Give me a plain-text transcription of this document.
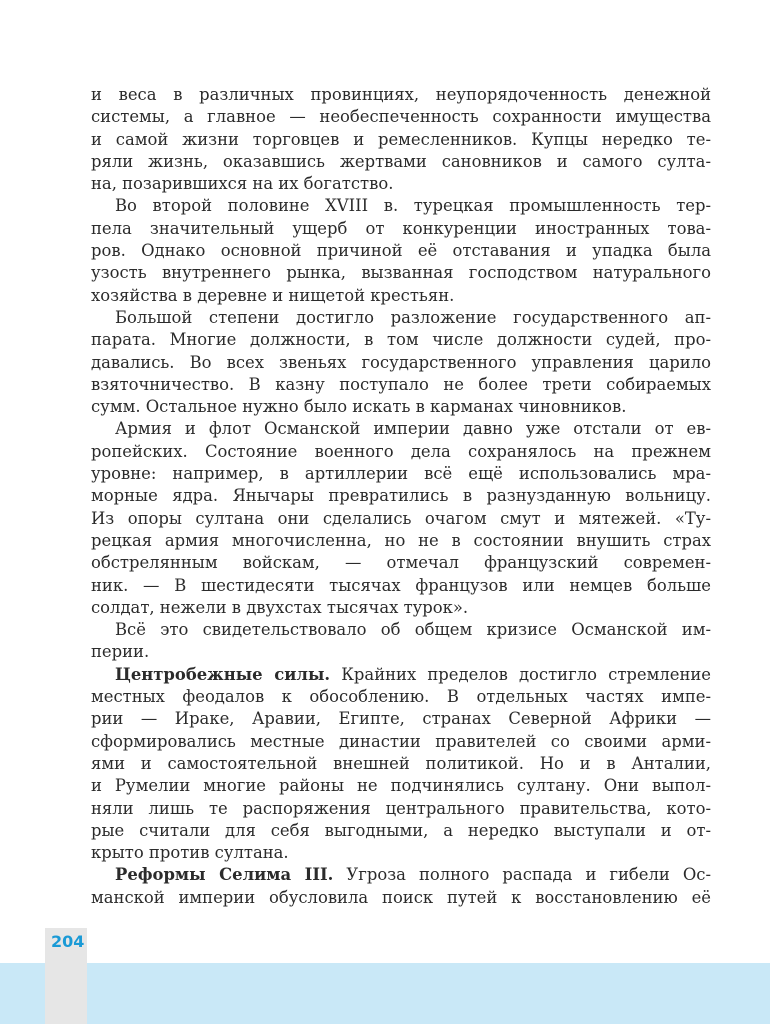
204
и веса в различных провинциях, неупорядоченность денежной
системы, а главное — необеспеченность сохранности имущества
и самой жизни торговцев и ремесленников. Купцы нередко те-
ряли жизнь, оказавшись жертвами сановников и самого султа-
на, позарившихся на их богатство.
Во второй половине XVIII в. турецкая промышленность тер-
пела значительный ущерб от конкуренции иностранных това-
ров. Однако основной причиной её отставания и упадка была
узость внутреннего рынка, вызванная господством натурального
хозяйства в деревне и нищетой крестьян.
Большой степени достигло разложение государственного ап-
парата. Многие должности, в том числе должности судей, про-
давались. Во всех звеньях государственного управления царило
взяточничество. В казну поступало не более трети собираемых
сумм. Остальное нужно было искать в карманах чиновников.
Армия и флот Османской империи давно уже отстали от ев-
ропейских. Состояние военного дела сохранялось на прежнем
уровне: например, в артиллерии всё ещё использовались мра-
морные ядра. Янычары превратились в разнузданную вольницу.
Из опоры султана они сделались очагом смут и мятежей. «Ту-
рецкая армия многочисленна, но не в состоянии внушить страх
обстрелянным войскам, — отмечал французский современ-
ник. — В шестидесяти тысячах французов или немцев больше
солдат, нежели в двухстах тысячах турок».
Всё это свидетельствовало об общем кризисе Османской им-
перии.
Центробежные силы. Крайних пределов достигло стремление
местных феодалов к обособлению. В отдельных частях импе-
рии — Ираке, Аравии, Египте, странах Северной Африки —
сформировались местные династии правителей со своими арми-
ями и самостоятельной внешней политикой. Но и в Анталии,
и Румелии многие районы не подчинялись султану. Они выпол-
няли лишь те распоряжения центрального правительства, кото-
рые считали для себя выгодными, а нередко выступали и от-
крыто против султана.
Реформы Селима III. Угроза полного распада и гибели Ос-
манской империи обусловила поиск путей к восстановлению её
